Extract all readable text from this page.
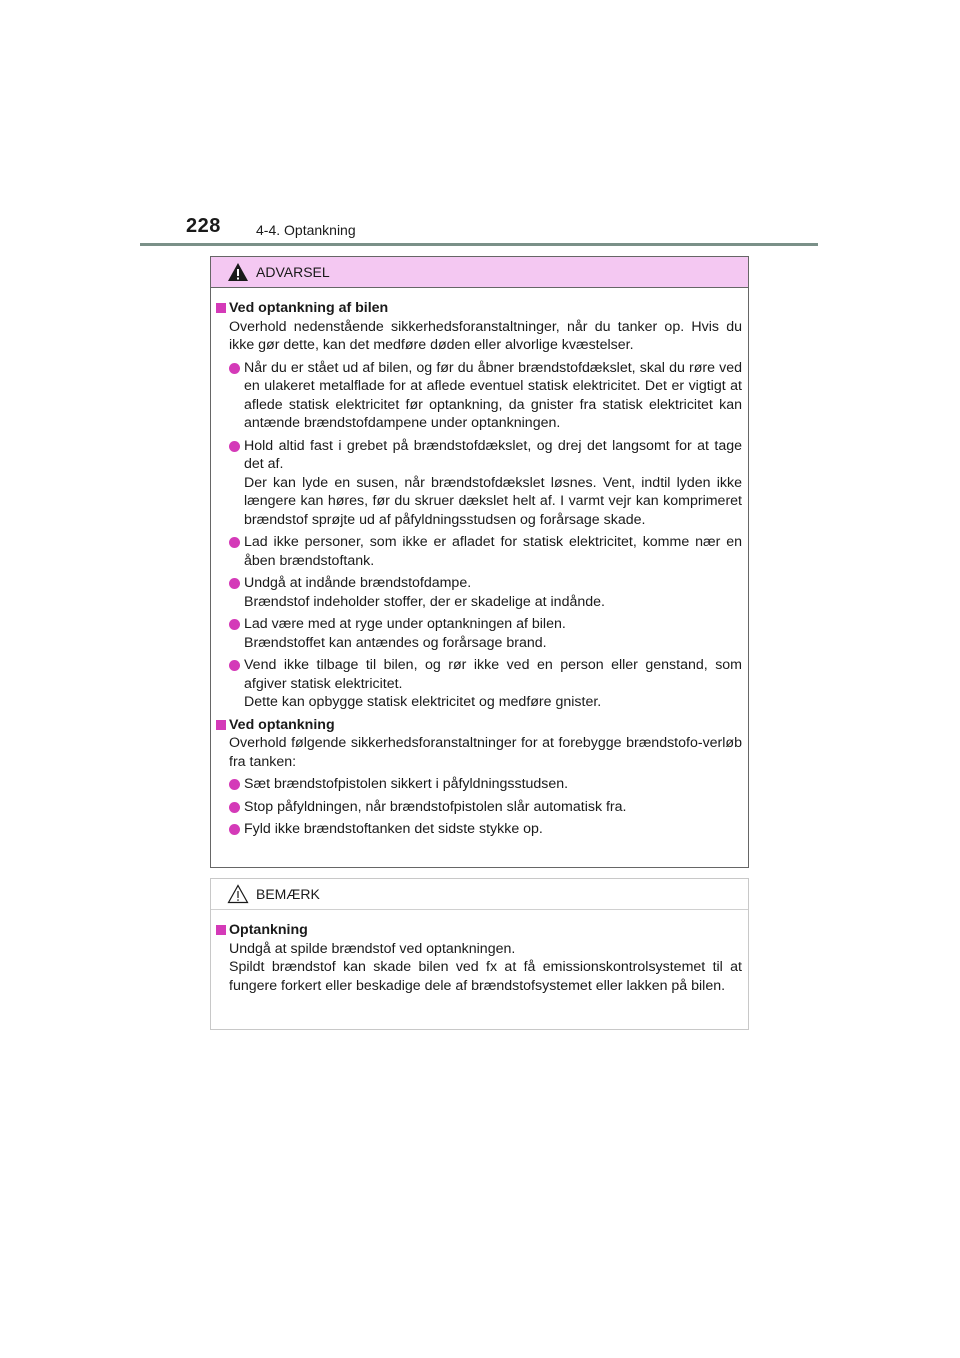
228	4-4. Optankning
ADVARSEL
Ved optankning af bilen
Overhold nedenstående sikkerhedsforanstaltninger, når du tanker op. Hvis du ikke gør dette, kan det medføre døden eller alvorlige kvæstelser.
Når du er stået ud af bilen, og før du åbner brændstofdækslet, skal du røre ved en ulakeret metalflade for at aflede eventuel statisk elektricitet. Det er vigtigt at aflede statisk elektricitet før optankning, da gnister fra statisk elektricitet kan antænde brændstofdampene under optankningen.
Hold altid fast i grebet på brændstofdækslet, og drej det langsomt for at tage det af.
Der kan lyde en susen, når brændstofdækslet løsnes. Vent, indtil lyden ikke længere kan høres, før du skruer dækslet helt af. I varmt vejr kan komprimeret brændstof sprøjte ud af påfyldningsstudsen og forårsage skade.
Lad ikke personer, som ikke er afladet for statisk elektricitet, komme nær en åben brændstoftank.
Undgå at indånde brændstofdampe.
Brændstof indeholder stoffer, der er skadelige at indånde.
Lad være med at ryge under optankningen af bilen.
Brændstoffet kan antændes og forårsage brand.
Vend ikke tilbage til bilen, og rør ikke ved en person eller genstand, som afgiver statisk elektricitet.
Dette kan opbygge statisk elektricitet og medføre gnister.
Ved optankning
Overhold følgende sikkerhedsforanstaltninger for at forebygge brændstofo-verløb fra tanken:
Sæt brændstofpistolen sikkert i påfyldningsstudsen.
Stop påfyldningen, når brændstofpistolen slår automatisk fra.
Fyld ikke brændstoftanken det sidste stykke op.
BEMÆRK
Optankning
Undgå at spilde brændstof ved optankningen.
Spildt brændstof kan skade bilen ved fx at få emissionskontrolsystemet til at fungere forkert eller beskadige dele af brændstofsystemet eller lakken på bilen.
